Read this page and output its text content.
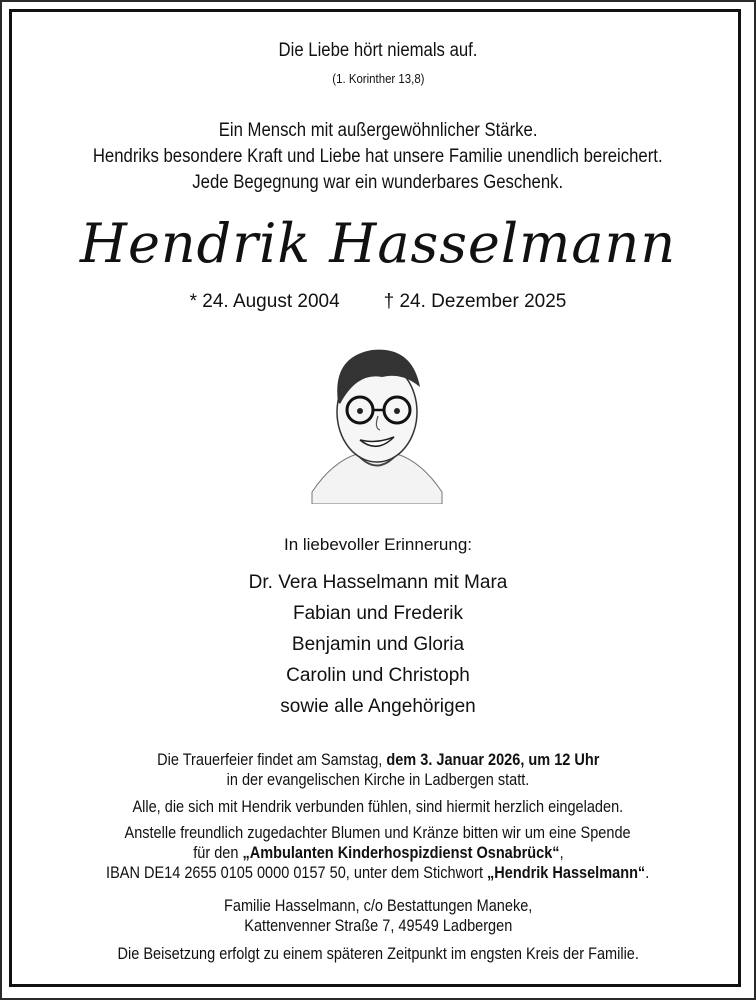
Die Liebe hört niemals auf.
(1. Korinther 13,8)
Ein Mensch mit außergewöhnlicher Stärke.
Hendriks besondere Kraft und Liebe hat unsere Familie unendlich bereichert.
Jede Begegnung war ein wunderbares Geschenk.
Hendrik Hasselmann
* 24. August 2004 † 24. Dezember 2025
In liebevoller Erinnerung:
Dr. Vera Hasselmann mit Mara
Fabian und Frederik
Benjamin und Gloria
Carolin und Christoph
sowie alle Angehörigen
Die Trauerfeier findet am Samstag, dem 3. Januar 2026, um 12 Uhr
in der evangelischen Kirche in Ladbergen statt.
Alle, die sich mit Hendrik verbunden fühlen, sind hiermit herzlich eingeladen.
Anstelle freundlich zugedachter Blumen und Kränze bitten wir um eine Spende
für den „Ambulanten Kinderhospizdienst Osnabrück“,
IBAN DE14 2655 0105 0000 0157 50, unter dem Stichwort „Hendrik Hasselmann“.
Familie Hasselmann, c/o Bestattungen Maneke,
Kattenvenner Straße 7, 49549 Ladbergen
Die Beisetzung erfolgt zu einem späteren Zeitpunkt im engsten Kreis der Familie.
